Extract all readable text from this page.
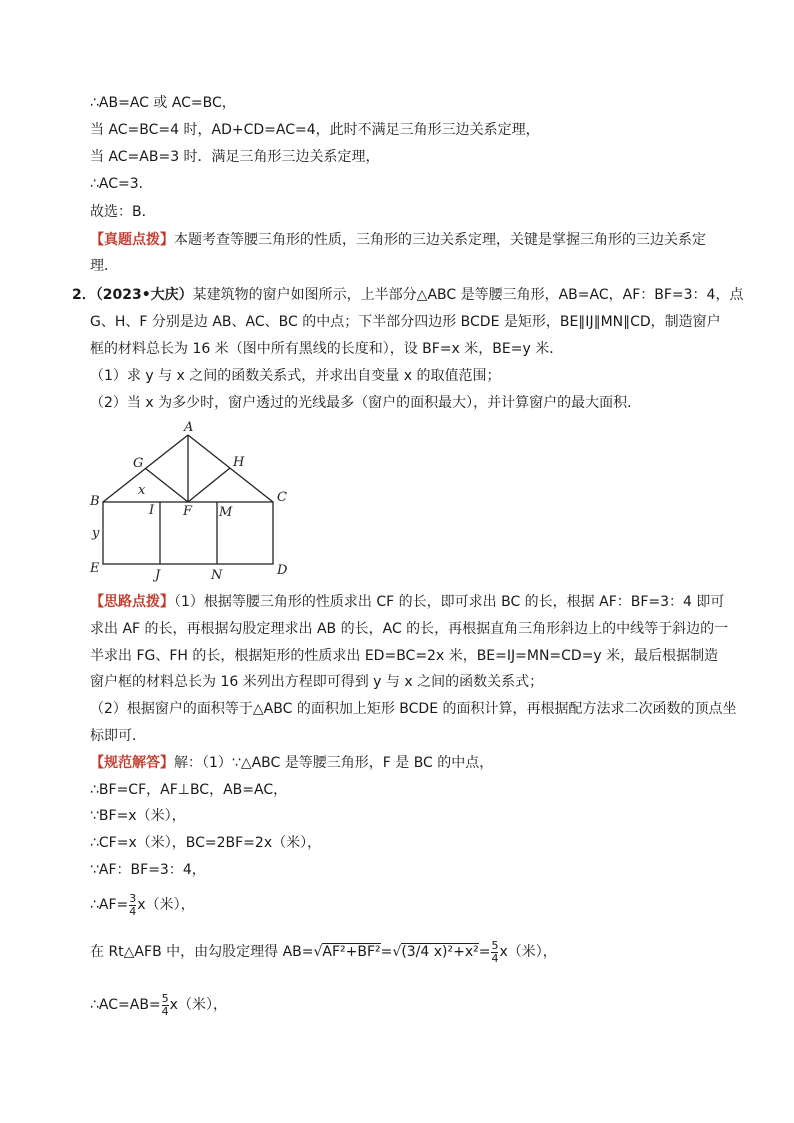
∴AB=AC 或 AC=BC，
当 AC=BC=4 时，AD+CD=AC=4，此时不满足三角形三边关系定理，
当 AC=AB=3 时．满足三角形三边关系定理，
∴AC=3．
故选：B．
【真题点拨】本题考查等腰三角形的性质，三角形的三边关系定理，关键是掌握三角形的三边关系定
理．
2．（2023•大庆）某建筑物的窗户如图所示，上半部分△ABC 是等腰三角形，AB=AC，AF：BF=3：4，点
G、H、F 分别是边 AB、AC、BC 的中点；下半部分四边形 BCDE 是矩形，BE∥IJ∥MN∥CD，制造窗户
框的材料总长为 16 米（图中所有黑线的长度和），设 BF=x 米，BE=y 米．
（1）求 y 与 x 之间的函数关系式，并求出自变量 x 的取值范围；
（2）当 x 为多少时，窗户透过的光线最多（窗户的面积最大），并计算窗户的最大面积．
A
B	C
D
E
F
G	H
I
J
M
N
x
y
【思路点拨】（1）根据等腰三角形的性质求出 CF 的长，即可求出 BC 的长，根据 AF：BF=3：4 即可
求出 AF 的长，再根据勾股定理求出 AB 的长，AC 的长，再根据直角三角形斜边上的中线等于斜边的一
半求出 FG、FH 的长，根据矩形的性质求出 ED=BC=2x 米，BE=IJ=MN=CD=y 米，最后根据制造
窗户框的材料总长为 16 米列出方程即可得到 y 与 x 之间的函数关系式；
（2）根据窗户的面积等于△ABC 的面积加上矩形 BCDE 的面积计算，再根据配方法求二次函数的顶点坐
标即可．
【规范解答】解：（1）∵△ABC 是等腰三角形，F 是 BC 的中点，
∴BF=CF，AF⊥BC，AB=AC，
∵BF=x（米），
∴CF=x（米），BC=2BF=2x（米），
∵AF：BF=3：4，
∴AF= $\frac{3}{4} x$（米），
在 Rt△AFB 中，由勾股定理得 AB=√AF²+BF²=√(3/4 $x)^2+x^2= \frac{5}{4} x$（米），
∴AC=AB= $\frac{5}{4} x$（米），
